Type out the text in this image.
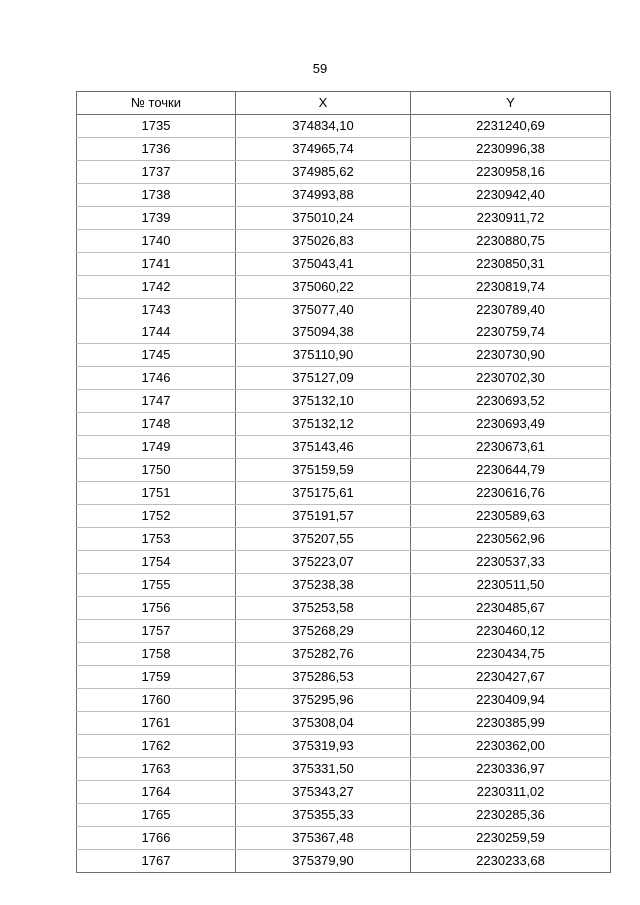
59
№ точки	X	Y
1735	374834,10	2231240,69
1736	374965,74	2230996,38
1737	374985,62	2230958,16
1738	374993,88	2230942,40
1739	375010,24	2230911,72
1740	375026,83	2230880,75
1741	375043,41	2230850,31
1742	375060,22	2230819,74
1743	375077,40	2230789,40
1744	375094,38	2230759,74
1745	375110,90	2230730,90
1746	375127,09	2230702,30
1747	375132,10	2230693,52
1748	375132,12	2230693,49
1749	375143,46	2230673,61
1750	375159,59	2230644,79
1751	375175,61	2230616,76
1752	375191,57	2230589,63
1753	375207,55	2230562,96
1754	375223,07	2230537,33
1755	375238,38	2230511,50
1756	375253,58	2230485,67
1757	375268,29	2230460,12
1758	375282,76	2230434,75
1759	375286,53	2230427,67
1760	375295,96	2230409,94
1761	375308,04	2230385,99
1762	375319,93	2230362,00
1763	375331,50	2230336,97
1764	375343,27	2230311,02
1765	375355,33	2230285,36
1766	375367,48	2230259,59
1767	375379,90	2230233,68
